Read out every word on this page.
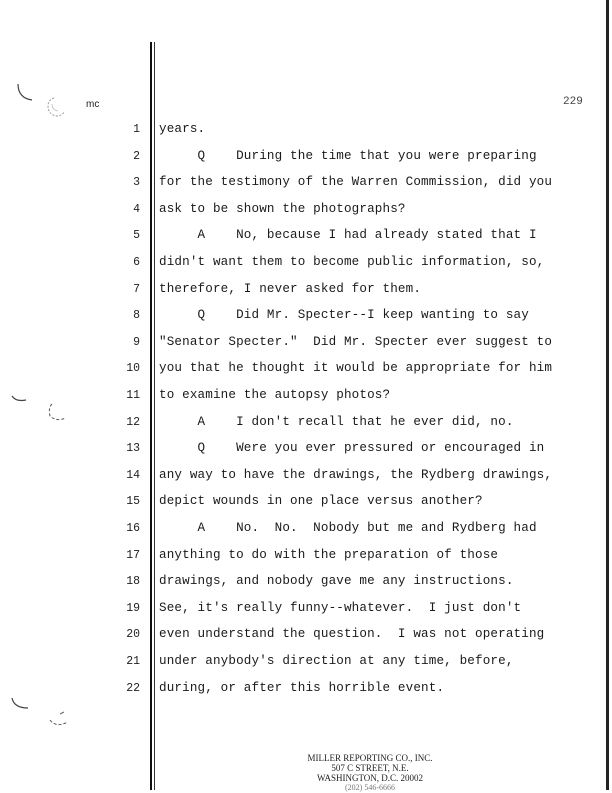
mc	229
1 years.
2 Q    During the time that you were preparing
3 for the testimony of the Warren Commission, did you
4 ask to be shown the photographs?
5 A    No, because I had already stated that I
6 didn't want them to become public information, so,
7 therefore, I never asked for them.
8 Q    Did Mr. Specter--I keep wanting to say
9 "Senator Specter."  Did Mr. Specter ever suggest to
10 you that he thought it would be appropriate for him
11 to examine the autopsy photos?
12 A    I don't recall that he ever did, no.
13 Q    Were you ever pressured or encouraged in
14 any way to have the drawings, the Rydberg drawings,
15 depict wounds in one place versus another?
16 A    No.  No.  Nobody but me and Rydberg had
17 anything to do with the preparation of those
18 drawings, and nobody gave me any instructions.
19 See, it's really funny--whatever.  I just don't
20 even understand the question.  I was not operating
21 under anybody's direction at any time, before,
22 during, or after this horrible event.
MILLER REPORTING CO., INC.
507 C STREET, N.E.
WASHINGTON, D.C. 20002
(202) 546-6666
